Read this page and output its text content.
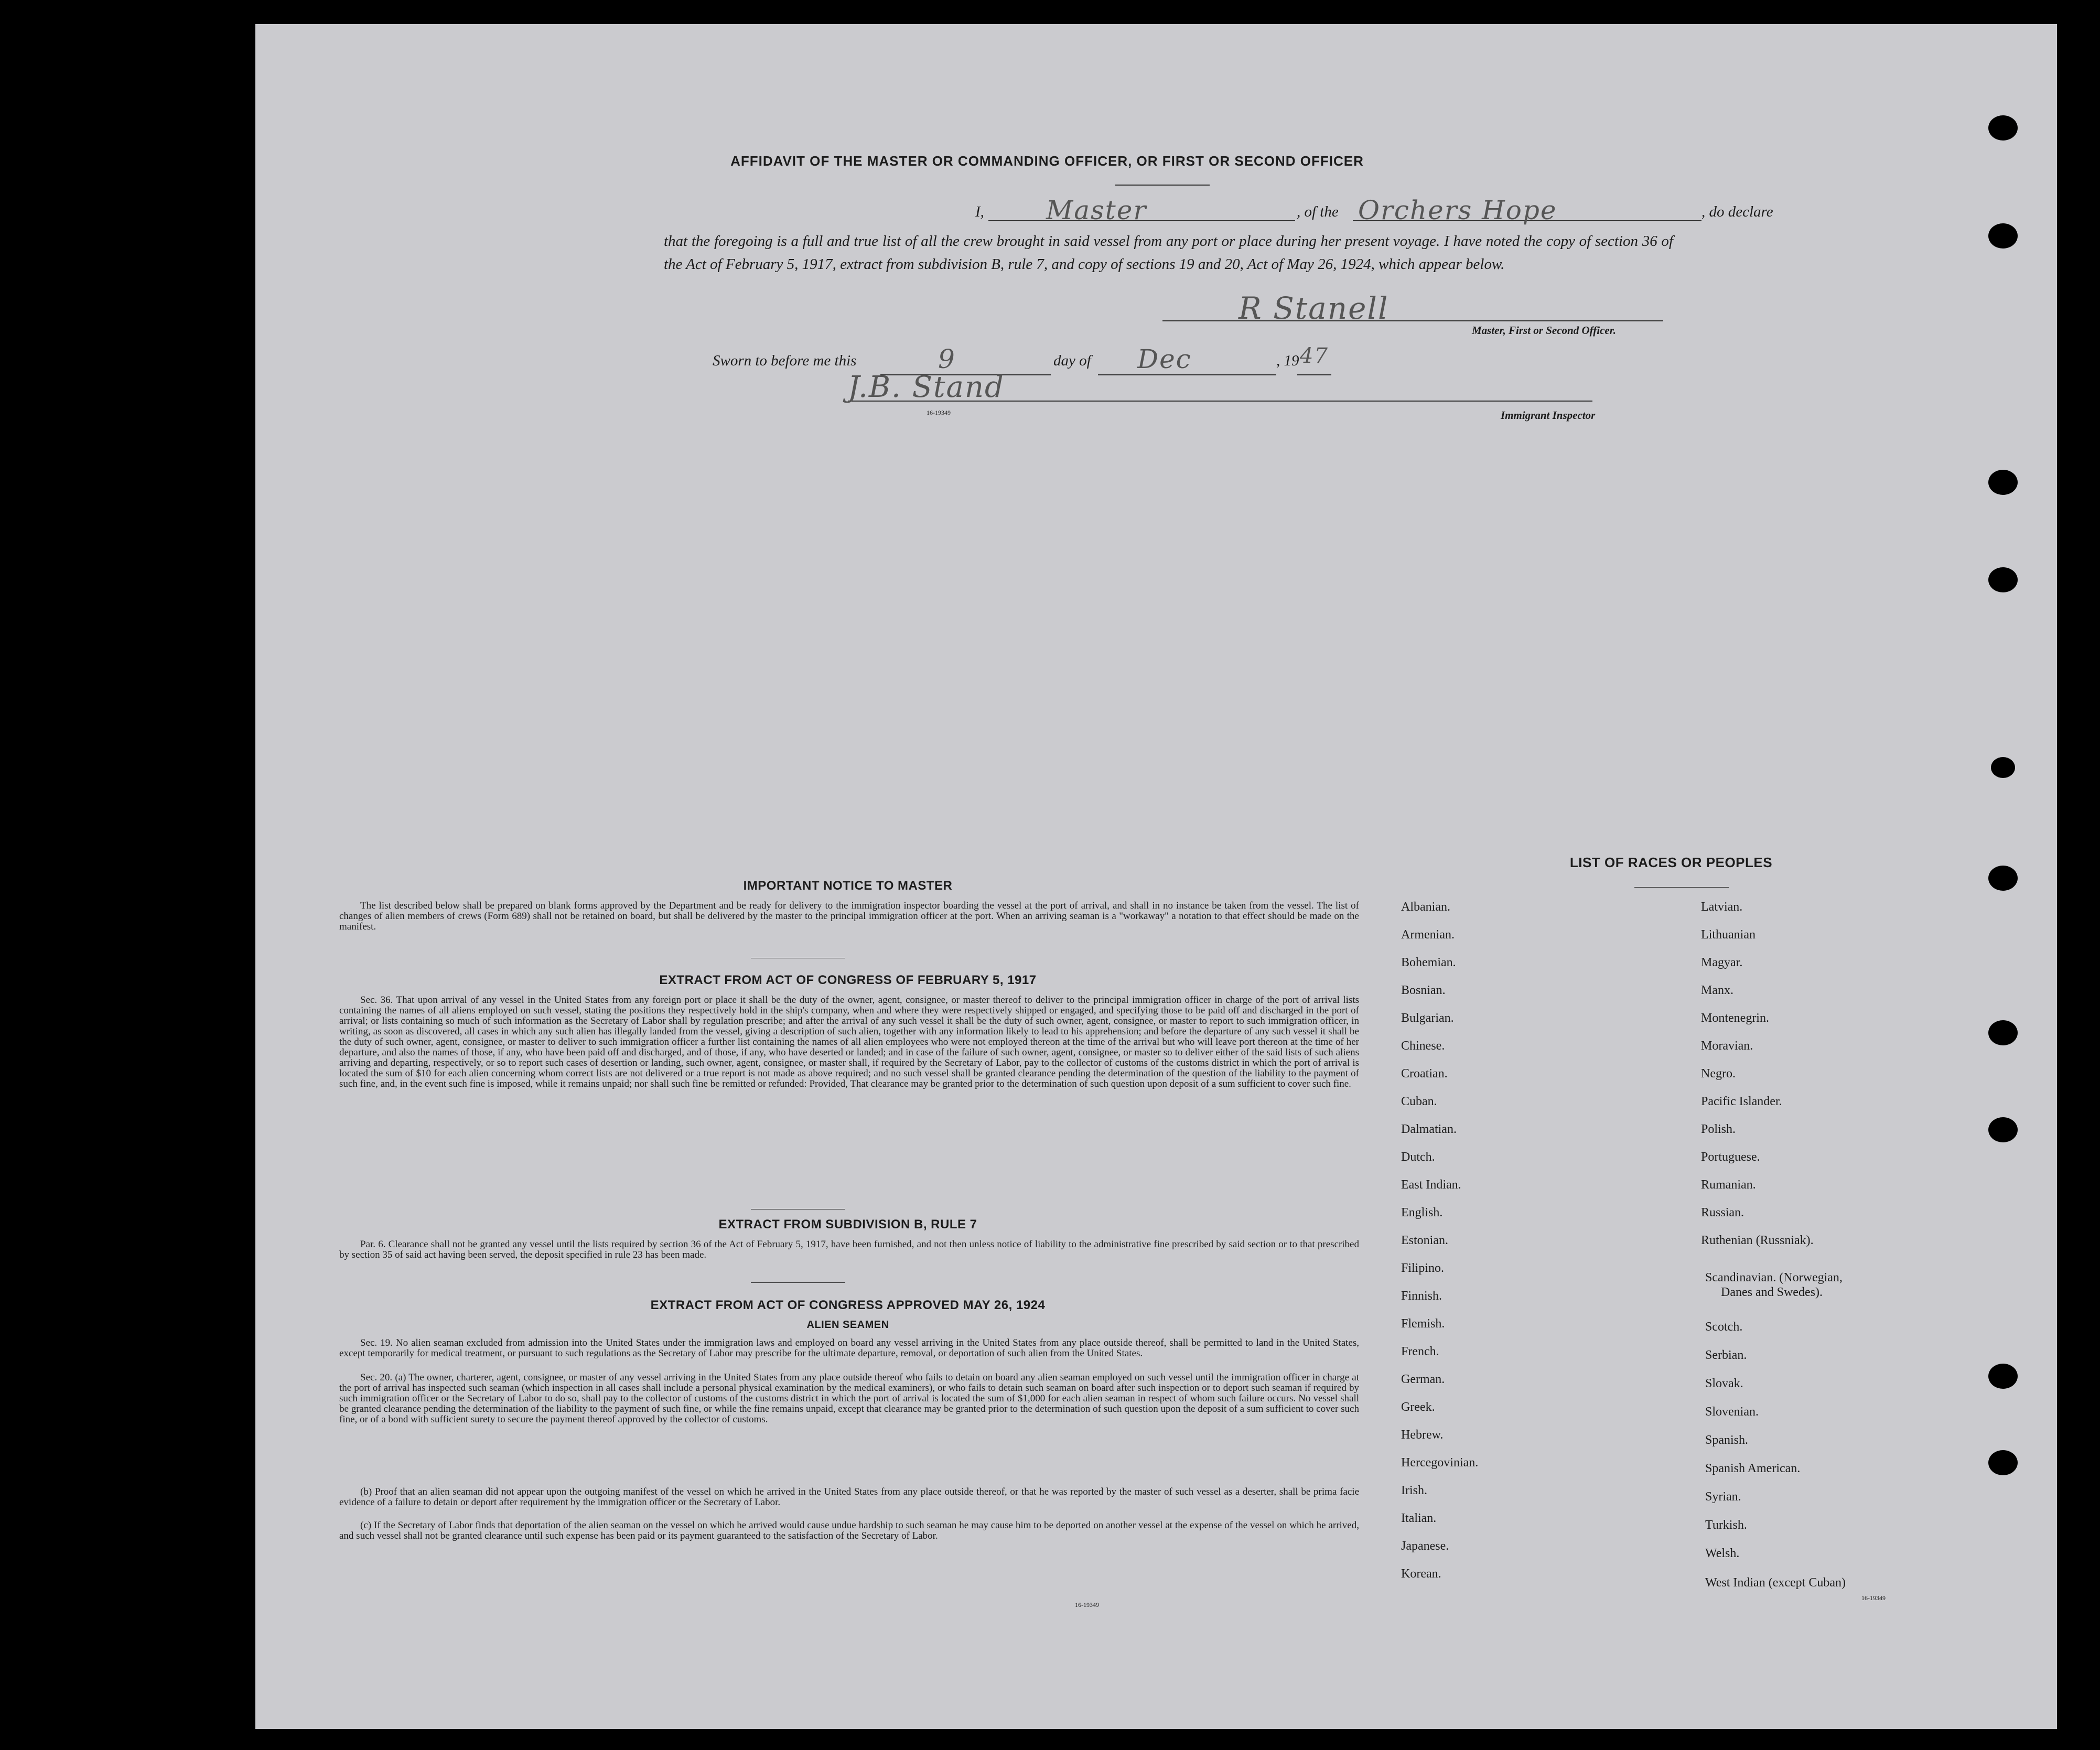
AFFIDAVIT OF THE MASTER OR COMMANDING OFFICER, OR FIRST OR SECOND OFFICER
I, Master	, of the Orchers Hope	, do declare
that the foregoing is a full and true list of all the crew brought in said vessel from any port or place during her present voyage. I have noted the copy of section 36 of the Act of February 5, 1917, extract from subdivision B, rule 7, and copy of sections 19 and 20, Act of May 26, 1924, which appear below.
R Stanell
Master, First or Second Officer.
Sworn to before me this	9	day of Dec	, 19 47
J.B. Stand
16-19349	Immigrant Inspector
IMPORTANT NOTICE TO MASTER
The list described below shall be prepared on blank forms approved by the Department and be ready for delivery to the immigration inspector boarding the vessel at the port of arrival, and shall in no instance be taken from the vessel. The list of changes of alien members of crews (Form 689) shall not be retained on board, but shall be delivered by the master to the principal immigration officer at the port. When an arriving seaman is a "workaway" a notation to that effect should be made on the manifest.
EXTRACT FROM ACT OF CONGRESS OF FEBRUARY 5, 1917
Sec. 36. That upon arrival of any vessel in the United States from any foreign port or place it shall be the duty of the owner, agent, consignee, or master thereof to deliver to the principal immigration officer in charge of the port of arrival lists containing the names of all aliens employed on such vessel, stating the positions they respectively hold in the ship's company, when and where they were respectively shipped or engaged, and specifying those to be paid off and discharged in the port of arrival; or lists containing so much of such information as the Secretary of Labor shall by regulation prescribe; and after the arrival of any such vessel it shall be the duty of such owner, agent, consignee, or master to report to such immigration officer, in writing, as soon as discovered, all cases in which any such alien has illegally landed from the vessel, giving a description of such alien, together with any information likely to lead to his apprehension; and before the departure of any such vessel it shall be the duty of such owner, agent, consignee, or master to deliver to such immigration officer a further list containing the names of all alien employees who were not employed thereon at the time of the arrival but who will leave port thereon at the time of her departure, and also the names of those, if any, who have been paid off and discharged, and of those, if any, who have deserted or landed; and in case of the failure of such owner, agent, consignee, or master so to deliver either of the said lists of such aliens arriving and departing, respectively, or so to report such cases of desertion or landing, such owner, agent, consignee, or master shall, if required by the Secretary of Labor, pay to the collector of customs of the customs district in which the port of arrival is located the sum of $10 for each alien concerning whom correct lists are not delivered or a true report is not made as above required; and no such vessel shall be granted clearance pending the determination of the question of the liability to the payment of such fine, and, in the event such fine is imposed, while it remains unpaid; nor shall such fine be remitted or refunded: Provided, That clearance may be granted prior to the determination of such question upon deposit of a sum sufficient to cover such fine.
EXTRACT FROM SUBDIVISION B, RULE 7
Par. 6. Clearance shall not be granted any vessel until the lists required by section 36 of the Act of February 5, 1917, have been furnished, and not then unless notice of liability to the administrative fine prescribed by said section or to that prescribed by section 35 of said act having been served, the deposit specified in rule 23 has been made.
EXTRACT FROM ACT OF CONGRESS APPROVED MAY 26, 1924
ALIEN SEAMEN
Sec. 19. No alien seaman excluded from admission into the United States under the immigration laws and employed on board any vessel arriving in the United States from any place outside thereof, shall be permitted to land in the United States, except temporarily for medical treatment, or pursuant to such regulations as the Secretary of Labor may prescribe for the ultimate departure, removal, or deportation of such alien from the United States.
Sec. 20. (a) The owner, charterer, agent, consignee, or master of any vessel arriving in the United States from any place outside thereof who fails to detain on board any alien seaman employed on such vessel until the immigration officer in charge at the port of arrival has inspected such seaman (which inspection in all cases shall include a personal physical examination by the medical examiners), or who fails to detain such seaman on board after such inspection or to deport such seaman if required by such immigration officer or the Secretary of Labor to do so, shall pay to the collector of customs of the customs district in which the port of arrival is located the sum of $1,000 for each alien seaman in respect of whom such failure occurs. No vessel shall be granted clearance pending the determination of the liability to the payment of such fine, or while the fine remains unpaid, except that clearance may be granted prior to the determination of such question upon the deposit of a sum sufficient to cover such fine, or of a bond with sufficient surety to secure the payment thereof approved by the collector of customs.
(b) Proof that an alien seaman did not appear upon the outgoing manifest of the vessel on which he arrived in the United States from any place outside thereof, or that he was reported by the master of such vessel as a deserter, shall be prima facie evidence of a failure to detain or deport after requirement by the immigration officer or the Secretary of Labor.
(c) If the Secretary of Labor finds that deportation of the alien seaman on the vessel on which he arrived would cause undue hardship to such seaman he may cause him to be deported on another vessel at the expense of the vessel on which he arrived, and such vessel shall not be granted clearance until such expense has been paid or its payment guaranteed to the satisfaction of the Secretary of Labor.
16-19349
LIST OF RACES OR PEOPLES
Albanian.
Armenian.
Bohemian.
Bosnian.
Bulgarian.
Chinese.
Croatian.
Cuban.
Dalmatian.
Dutch.
East Indian.
English.
Estonian.
Filipino.
Finnish.
Flemish.
French.
German.
Greek.
Hebrew.
Hercegovinian.
Irish.
Italian.
Japanese.
Korean.
Latvian.
Lithuanian
Magyar.
Manx.
Montenegrin.
Moravian.
Negro.
Pacific Islander.
Polish.
Portuguese.
Rumanian.
Russian.
Ruthenian (Russniak).
Scandinavian. (Norwegian,
Danes and Swedes).
Scotch.
Serbian.
Slovak.
Slovenian.
Spanish.
Spanish American.
Syrian.
Turkish.
Welsh.
West Indian (except Cuban)
16-19349
